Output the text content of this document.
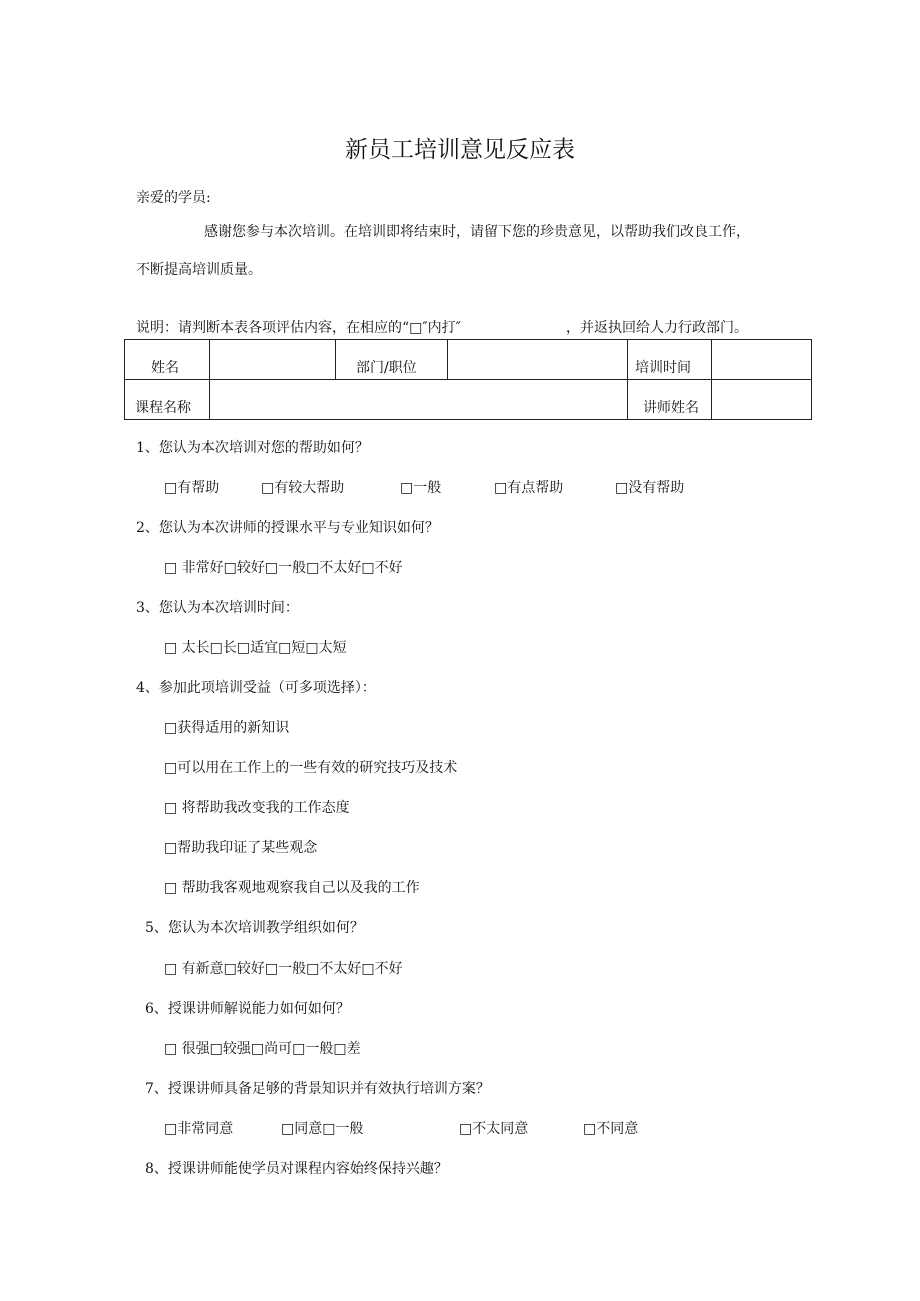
新员工培训意见反应表
亲爱的学员:
感谢您参与本次培训。在培训即将结束时，请留下您的珍贵意见，以帮助我们改良工作，
不断提高培训质量。
说明：请判断本表各项评估内容，在相应的“□″内打″	，并返执回给人力行政部门。
姓名		部门/职位		培训时间	

课程名称				讲师姓名	

1、您认为本次培训对您的帮助如何？
□有帮助	□有较大帮助	□一般	□有点帮助	□没有帮助
2、您认为本次讲师的授课水平与专业知识如何？
□ 非常好□较好□一般□不太好□不好
3、您认为本次培训时间：
□ 太长□长□适宜□短□太短
4、参加此项培训受益（可多项选择）：
□获得适用的新知识
□可以用在工作上的一些有效的研究技巧及技术
□ 将帮助我改变我的工作态度
□帮助我印证了某些观念
□ 帮助我客观地观察我自己以及我的工作
5、您认为本次培训教学组织如何？
□ 有新意□较好□一般□不太好□不好
6、授课讲师解说能力如何如何？
□ 很强□较强□尚可□一般□差
7、授课讲师具备足够的背景知识并有效执行培训方案？
□非常同意	□同意□一般	□不太同意	□不同意
8、授课讲师能使学员对课程内容始终保持兴趣？
